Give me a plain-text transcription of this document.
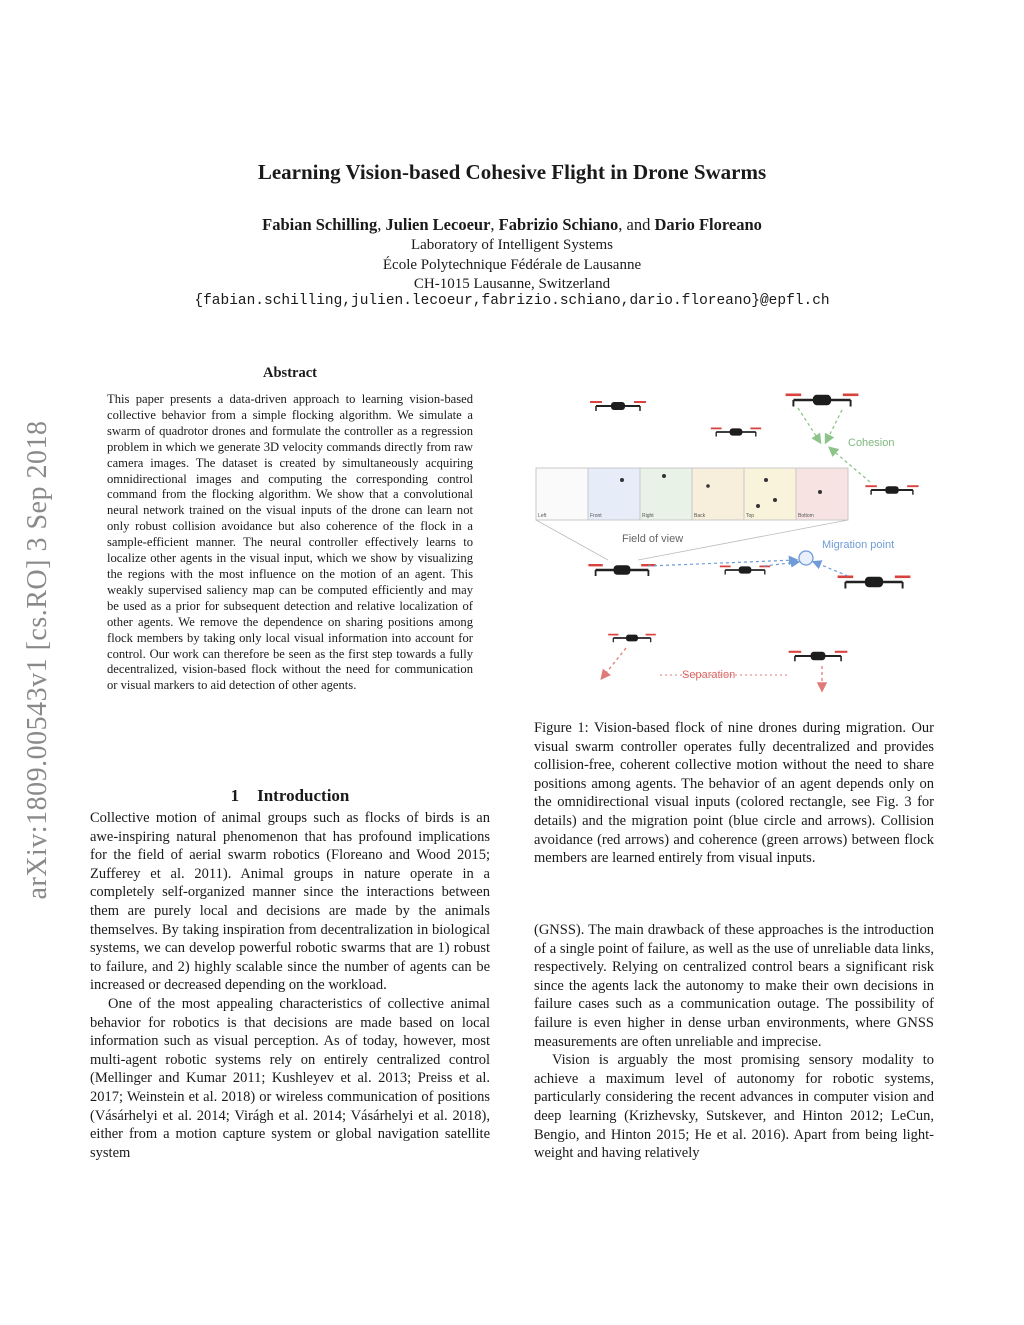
arXiv:1809.00543v1 [cs.RO] 3 Sep 2018
Learning Vision-based Cohesive Flight in Drone Swarms
Fabian Schilling, Julien Lecoeur, Fabrizio Schiano, and Dario Floreano
Laboratory of Intelligent Systems
École Polytechnique Fédérale de Lausanne
CH-1015 Lausanne, Switzerland
{fabian.schilling,julien.lecoeur,fabrizio.schiano,dario.floreano}@epfl.ch
Abstract
This paper presents a data-driven approach to learning vision-based collective behavior from a simple flocking algorithm. We simulate a swarm of quadrotor drones and formulate the controller as a regression problem in which we generate 3D velocity commands directly from raw camera images. The dataset is created by simultaneously acquiring omnidirectional images and computing the corresponding control command from the flocking algorithm. We show that a convolutional neural network trained on the visual inputs of the drone can learn not only robust collision avoidance but also coherence of the flock in a sample-efficient manner. The neural controller effectively learns to localize other agents in the visual input, which we show by visualizing the regions with the most influence on the motion of an agent. This weakly supervised saliency map can be computed efficiently and may be used as a prior for subsequent detection and relative localization of other agents. We remove the dependence on sharing positions among flock members by taking only local visual information into account for control. Our work can therefore be seen as the first step towards a fully decentralized, vision-based flock without the need for communication or visual markers to aid detection of other agents.
1 Introduction

Collective motion of animal groups such as flocks of birds is an awe-inspiring natural phenomenon that has profound implications for the field of aerial swarm robotics (Floreano and Wood 2015; Zufferey et al. 2011). Animal groups in nature operate in a completely self-organized manner since the interactions between them are purely local and decisions are made by the animals themselves. By taking inspiration from decentralization in biological systems, we can develop powerful robotic swarms that are 1) robust to failure, and 2) highly scalable since the number of agents can be increased or decreased depending on the workload.

One of the most appealing characteristics of collective animal behavior for robotics is that decisions are made based on local information such as visual perception. As of today, however, most multi-agent robotic systems rely on entirely centralized control (Mellinger and Kumar 2011; Kushleyev et al. 2013; Preiss et al. 2017; Weinstein et al. 2018) or wireless communication of positions (Vásárhelyi et al. 2014; Virágh et al. 2014; Vásárhelyi et al. 2018), either from a motion capture system or global navigation satellite system

(GNSS). The main drawback of these approaches is the introduction of a single point of failure, as well as the use of unreliable data links, respectively. Relying on centralized control bears a significant risk since the agents lack the autonomy to make their own decisions in failure cases such as a communication outage. The possibility of failure is even higher in dense urban environments, where GNSS measurements are often unreliable and imprecise.

Vision is arguably the most promising sensory modality to achieve a maximum level of autonomy for robotic systems, particularly considering the recent advances in computer vision and deep learning (Krizhevsky, Sutskever, and Hinton 2012; LeCun, Bengio, and Hinton 2015; He et al. 2016). Apart from being light-weight and having relatively

Cohesion
Left	Front	Right	Back	Top	Bottom
Field of view	Migration point
Separation
Figure 1: Vision-based flock of nine drones during migration. Our visual swarm controller operates fully decentralized and provides collision-free, coherent collective motion without the need to share positions among agents. The behavior of an agent depends only on the omnidirectional visual inputs (colored rectangle, see Fig. 3 for details) and the migration point (blue circle and arrows). Collision avoidance (red arrows) and coherence (green arrows) between flock members are learned entirely from visual inputs.
